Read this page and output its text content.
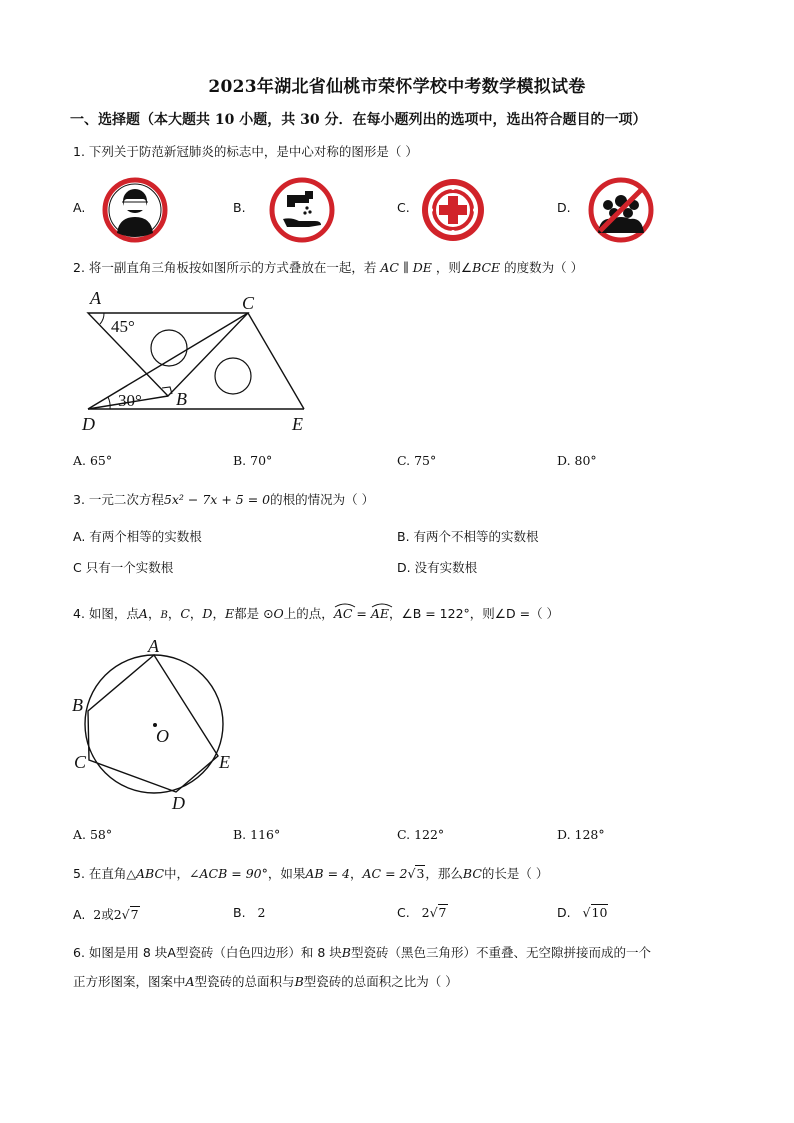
2023年湖北省仙桃市荣怀学校中考数学模拟试卷
一、选择题（本大题共 10 小题，共 30 分．在每小题列出的选项中，选出符合题目的一项）
1. 下列关于防范新冠肺炎的标志中，是中心对称的图形是（ ）
A.	B.	C.	D.
2. 将一副直角三角板按如图所示的方式叠放在一起，若 AC ∥ DE ，则∠BCE 的度数为（ ）
A	C
B
D	E
45°
30°
A. 65°	B. 70°	C. 75°	D. 80°
3. 一元二次方程5x² − 7x + 5 = 0的根的情况为（ ）
A. 有两个相等的实数根	B. 有两个不相等的实数根
C 只有一个实数根	D. 没有实数根
4. 如图，点A，B，C，D，E都是 ⊙O上的点，AC
= AE
，∠B = 122°，则∠D =（ ）
A
B
C
D
E
O
A. 58°	B. 116°	C. 122°	D. 128°
5. 在直角△ABC中，∠ACB = 90°，如果AB = 4，AC = 2√3，那么BC的长是（ ）
A. 2或2√7	B. 2	C. 2√7	D. √10
6. 如图是用 8 块A型瓷砖（白色四边形）和 8 块B型瓷砖（黑色三角形）不重叠、无空隙拼接而成的一个
正方形图案，图案中A型瓷砖的总面积与B型瓷砖的总面积之比为（ ）
